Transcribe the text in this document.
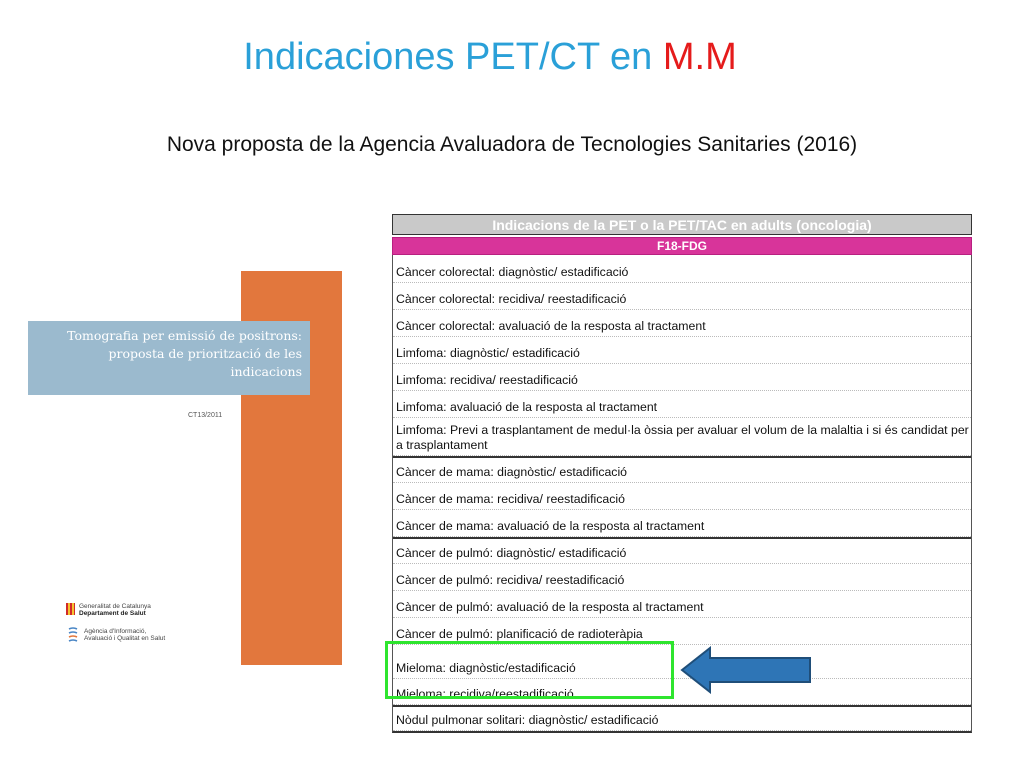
Indicaciones PET/CT en M.M
Nova proposta de la Agencia Avaluadora de Tecnologies Sanitaries (2016)
Tomografia per emissió de positrons:
proposta de priorització de les
indicacions
CT13/2011
Generalitat de Catalunya
Departament de Salut
Agència d'Informació,
Avaluació i Qualitat en Salut
Indicacions de la PET o la PET/TAC en adults (oncologia)
F18-FDG
Càncer colorectal: diagnòstic/ estadificació
Càncer colorectal: recidiva/ reestadificació
Càncer colorectal: avaluació de la resposta al tractament
Limfoma: diagnòstic/ estadificació
Limfoma: recidiva/ reestadificació
Limfoma: avaluació de la resposta al tractament
Limfoma: Previ a trasplantament de medul·la òssia per avaluar el volum de la malaltia i si és candidat per a trasplantament
Càncer de mama: diagnòstic/ estadificació
Càncer de mama: recidiva/ reestadificació
Càncer de mama: avaluació de la resposta al tractament
Càncer de pulmó: diagnòstic/ estadificació
Càncer de pulmó: recidiva/ reestadificació
Càncer de pulmó: avaluació de la resposta al tractament
Càncer de pulmó: planificació de radioteràpia
Mieloma: diagnòstic/estadificació
Mieloma: recidiva/reestadificació
Nòdul pulmonar solitari: diagnòstic/ estadificació
